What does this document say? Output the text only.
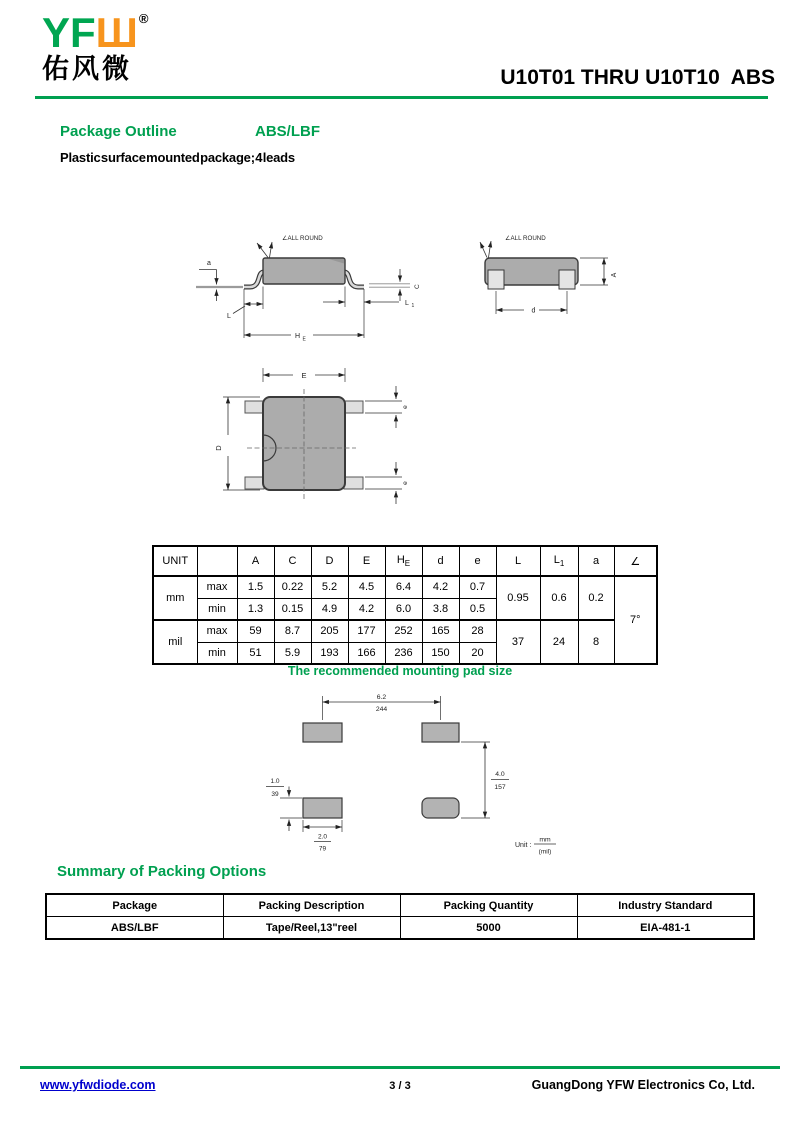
YFШ®
佑风微	U10T01 THRU U10T10  ABS
Package Outline	ABS/LBF
Plastic surface mounted package; 4 leads
∠ALL ROUND
a
L
H E
L 1
C
∠ALL ROUND
A
d
E
D
e
e
UNIT		A	C	D	E	$H_E$	d	e	L	$L_1$	a	∠
mm	max	1.5	0.22	5.2	4.5	6.4	4.2	0.7	0.95	0.6	0.2	7°
	min	1.3	0.15	4.9	4.2	6.0	3.8	0.5				
mil	max	59	8.7	205	177	252	165	28	37	24	8	
	min	51	5.9	193	166	236	150	20				
The recommended mounting pad size
6.2
244
4.0
157
1.0
39
2.0
79	Unit :
mm
(mil)
Summary of Packing Options
Package	Packing Description	Packing Quantity	Industry Standard
ABS/LBF	Tape/Reel,13"reel	5000	EIA-481-1
www.yfwdiode.com	3 / 3	GuangDong YFW Electronics Co, Ltd.
